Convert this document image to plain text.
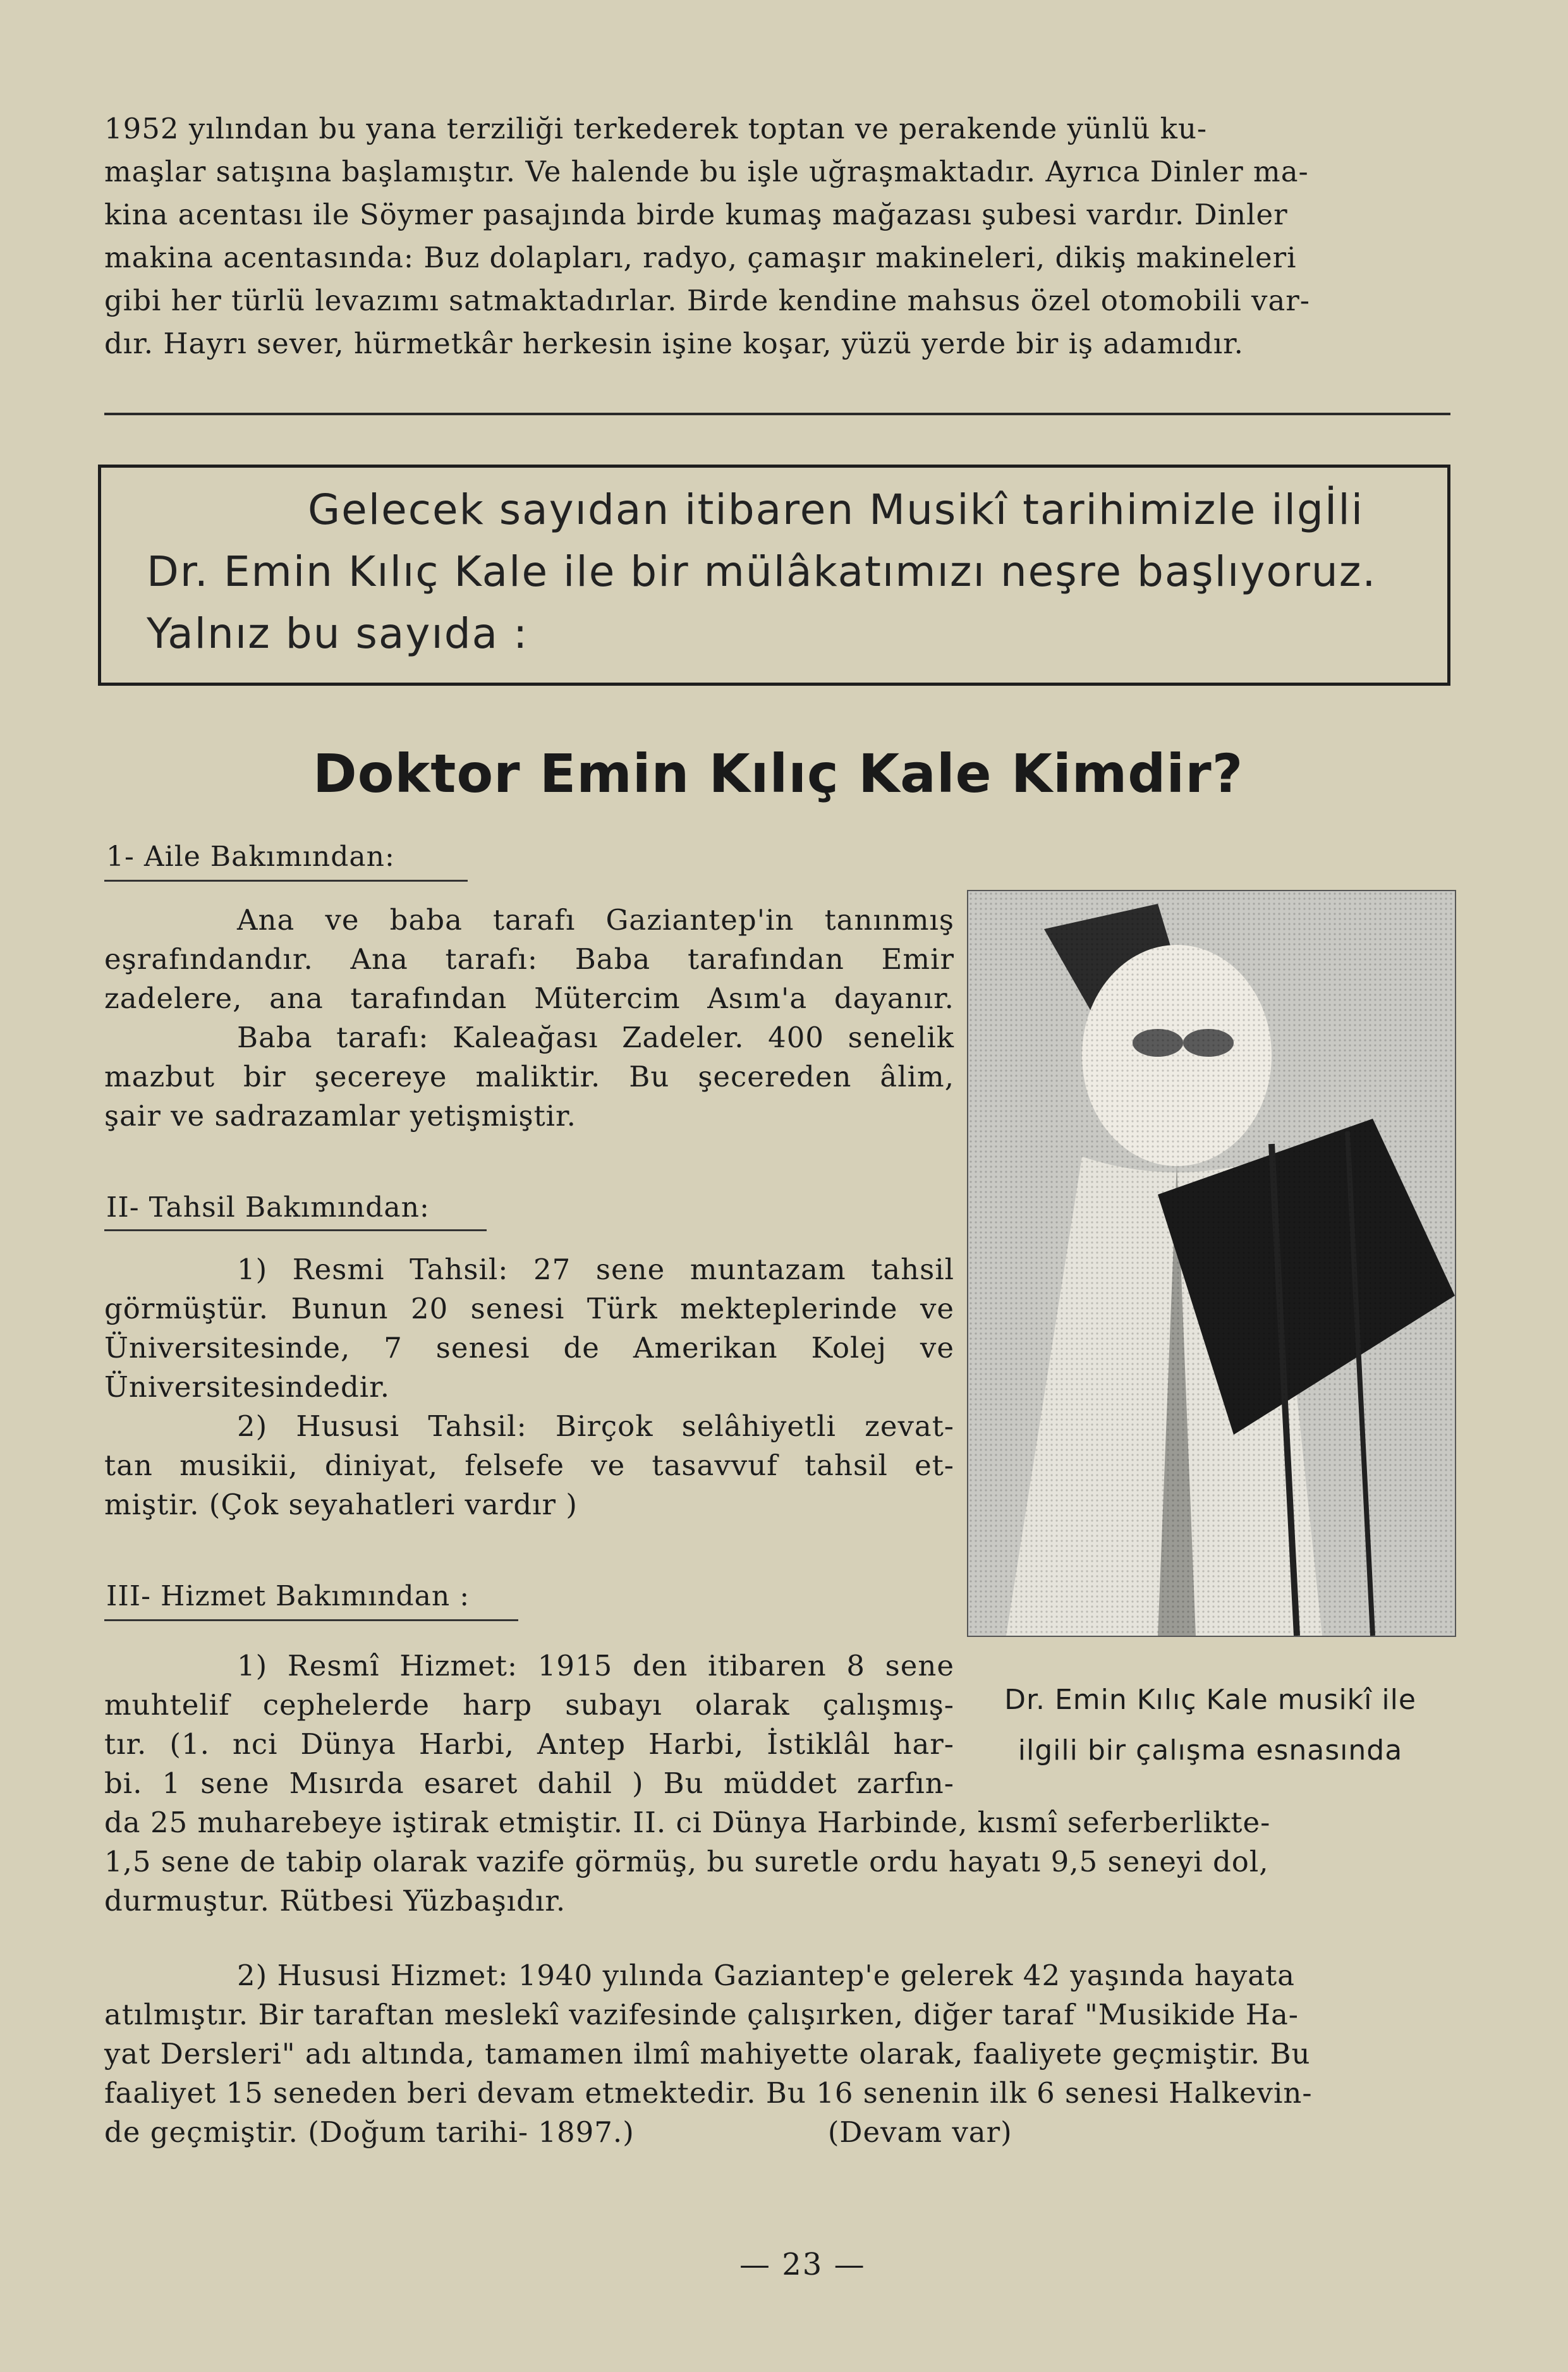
1952 yılından bu yana terziliği terkederek toptan ve perakende yünlü ku-

maşlar satışına başlamıştır. Ve halende bu işle uğraşmaktadır. Ayrıca Dinler ma-

kina acentası ile Söymer pasajında birde kumaş mağazası şubesi vardır. Dinler

makina acentasında: Buz dolapları, radyo, çamaşır makineleri, dikiş makineleri

gibi her türlü levazımı satmaktadırlar. Birde kendine mahsus özel otomobili var-

dır. Hayrı sever, hürmetkâr herkesin işine koşar, yüzü yerde bir iş adamıdır.

Gelecek sayıdan itibaren Musikî tarihimizle ilgİli
Dr. Emin Kılıç Kale ile bir mülâkatımızı neşre başlıyoruz.
Yalnız bu sayıda :
Doktor Emin Kılıç Kale Kimdir?
1- Aile Bakımından:

Ana ve baba tarafı Gaziantep'in tanınmış

eşrafındandır. Ana tarafı: Baba tarafından Emir

zadelere, ana tarafından Mütercim Asım'a dayanır.

Baba tarafı: Kaleağası Zadeler. 400 senelik

mazbut bir şecereye maliktir. Bu şecereden âlim,

şair ve sadrazamlar yetişmiştir.

II- Tahsil Bakımından:

1) Resmi Tahsil: 27 sene muntazam tahsil

görmüştür. Bunun 20 senesi Türk mekteplerinde ve

Üniversitesinde, 7 senesi de Amerikan Kolej ve

Üniversitesindedir.

2) Hususi Tahsil: Birçok selâhiyetli zevat-

tan musikii, diniyat, felsefe ve tasavvuf tahsil et-

miştir. (Çok seyahatleri vardır )

III- Hizmet Bakımından :

1) Resmî Hizmet: 1915 den itibaren 8 sene

muhtelif cephelerde harp subayı olarak çalışmış-

tır. (1. nci Dünya Harbi, Antep Harbi, İstiklâl har-

bi. 1 sene Mısırda esaret dahil ) Bu müddet zarfın-

Dr. Emin Kılıç Kale musikî ile
ilgili bir çalışma esnasında

da 25 muharebeye iştirak etmiştir. II. ci Dünya Harbinde, kısmî seferberlikte-

1,5 sene de tabip olarak vazife görmüş, bu suretle ordu hayatı 9,5 seneyi dol,

durmuştur. Rütbesi Yüzbaşıdır.

2) Hususi Hizmet: 1940 yılında Gaziantep'e gelerek 42 yaşında hayata

atılmıştır. Bir taraftan meslekî vazifesinde çalışırken, diğer taraf "Musikide Ha-

yat Dersleri" adı altında, tamamen ilmî mahiyette olarak, faaliyete geçmiştir. Bu

faaliyet 15 seneden beri devam etmektedir. Bu 16 senenin ilk 6 senesi Halkevin-

de geçmiştir. (Doğum tarihi- 1897.)                    (Devam var)

— 23 —
